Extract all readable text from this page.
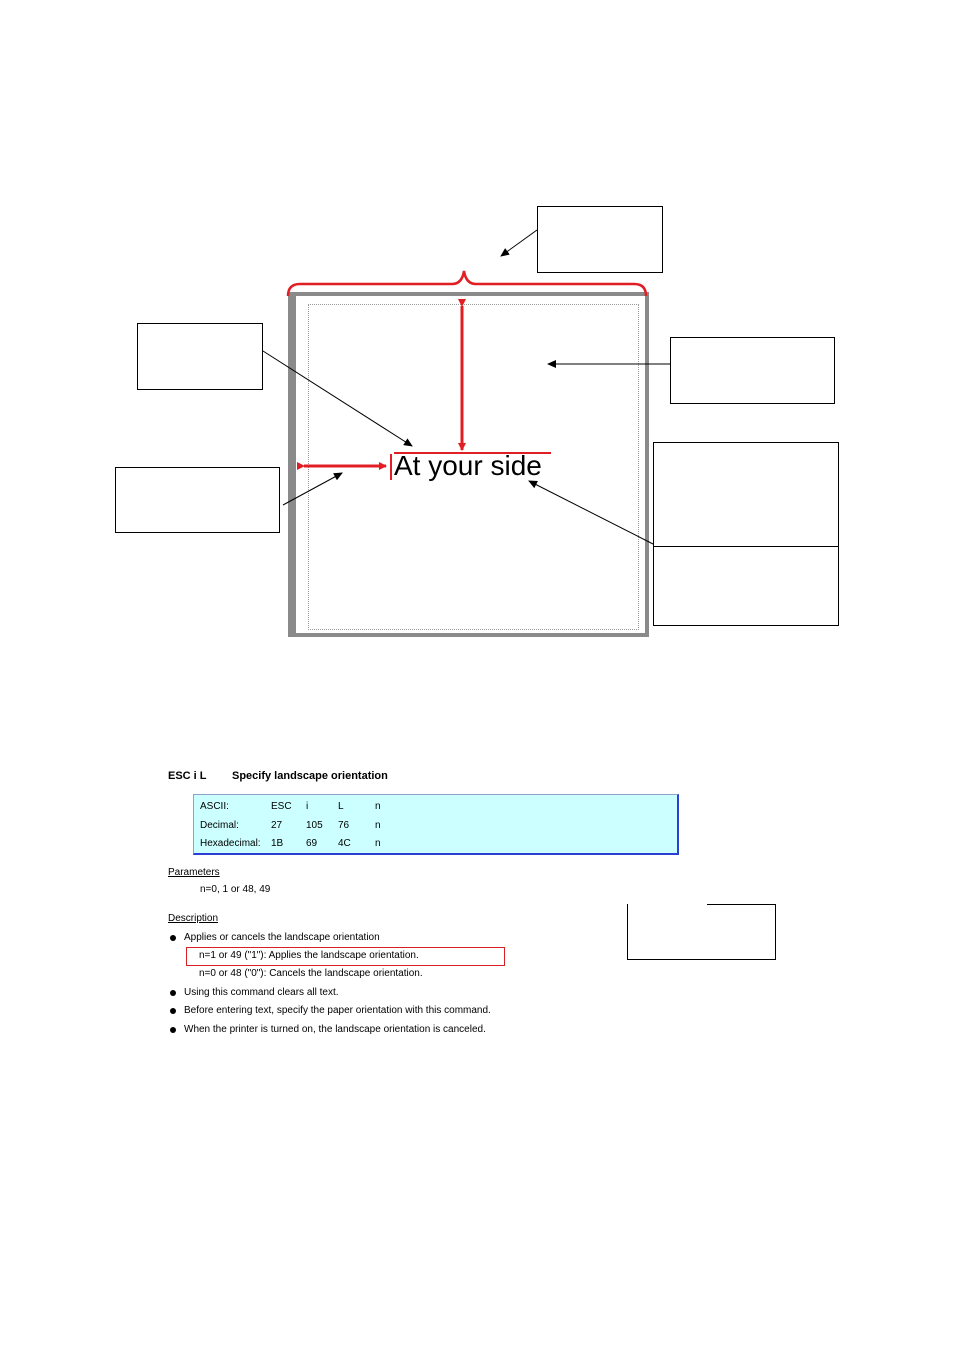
At your side
ESC i L Specify landscape orientation
ASCII:	ESC i	L	n
Decimal:	27 105 76	n
Hexadecimal: 1B 69 4C n
Parameters
n=0, 1 or 48, 49
Description
Applies or cancels the landscape orientation
n=1 or 49 ("1"): Applies the landscape orientation.
n=0 or 48 ("0"): Cancels the landscape orientation.
Using this command clears all text.
Before entering text, specify the paper orientation with this command.
When the printer is turned on, the landscape orientation is canceled.
